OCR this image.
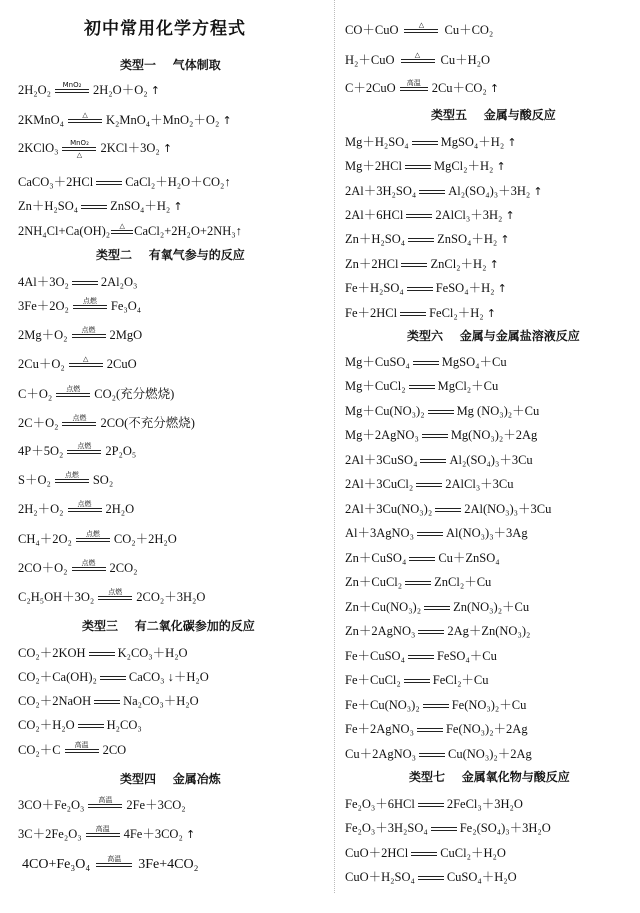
初中常用化学方程式
类型一    气体制取
2H₂O₂	MnO₂ 2H₂O＋O₂ ↑
2KMnO₄	△	K₂MnO₄＋MnO₂＋O₂ ↑
2KClO₃	MnO₂
△
2KCl＋3O₂ ↑
CaCO₃＋2HCl	CaCl₂＋H₂O＋CO₂↑
Zn＋H₂SO₄	ZnSO₄＋H₂ ↑
2NH₄Cl+Ca(OH)₂	△ CaCl₂+2H₂O+2NH₃↑
类型二    有氧气参与的反应
4Al＋3O₂	2Al₂O₃
3Fe＋2O₂	点燃	Fe₃O₄
2Mg＋O₂	点燃	2MgO
2Cu＋O₂	△	2CuO
C＋O₂	点燃	CO₂(充分燃烧)
2C＋O₂	点燃	2CO(不充分燃烧)
4P＋5O₂	点燃	2P₂O₅
S＋O₂	点燃	SO₂
2H₂＋O₂	点燃	2H₂O
CH₄＋2O₂	点燃	CO₂＋2H₂O
2CO＋O₂	点燃	2CO₂
C₂H₅OH＋3O₂	点燃	2CO₂＋3H₂O
类型三    有二氧化碳参加的反应
CO₂＋2KOH	K₂CO₃＋H₂O
CO₂＋Ca(OH)₂	CaCO₃ ↓＋H₂O
CO₂＋2NaOH	Na₂CO₃＋H₂O
CO₂＋H₂O	H₂CO₃
CO₂＋C	高温	2CO
类型四    金属冶炼
3CO＋Fe₂O₃	高温	2Fe＋3CO₂
3C＋2Fe₂O₃	高温	4Fe＋3CO₂ ↑
4CO+Fe₃O₄	高温	3Fe+4CO₂
CO＋CuO	△	Cu＋CO₂
H₂＋CuO	△	Cu＋H₂O
C＋2CuO	高温 2Cu＋CO₂ ↑
类型五    金属与酸反应
Mg＋H₂SO₄	MgSO₄＋H₂ ↑
Mg＋2HCl	MgCl₂＋H₂ ↑
2Al＋3H₂SO₄	Al₂(SO₄)₃＋3H₂ ↑
2Al＋6HCl	2AlCl₃＋3H₂ ↑
Zn＋H₂SO₄	ZnSO₄＋H₂ ↑
Zn＋2HCl	ZnCl₂＋H₂ ↑
Fe＋H₂SO₄	FeSO₄＋H₂ ↑
Fe＋2HCl	FeCl₂＋H₂ ↑
类型六    金属与金属盐溶液反应
Mg＋CuSO₄	MgSO₄＋Cu
Mg＋CuCl₂	MgCl₂＋Cu
Mg＋Cu(NO₃)₂	Mg (NO₃)₂＋Cu
Mg＋2AgNO₃	Mg(NO₃)₂＋2Ag
2Al＋3CuSO₄	Al₂(SO₄)₃＋3Cu
2Al＋3CuCl₂	2AlCl₃＋3Cu
2Al＋3Cu(NO₃)₂	2Al(NO₃)₃＋3Cu
Al＋3AgNO₃	Al(NO₃)₃＋3Ag
Zn＋CuSO₄	Cu＋ZnSO₄
Zn＋CuCl₂	ZnCl₂＋Cu
Zn＋Cu(NO₃)₂	Zn(NO₃)₂＋Cu
Zn＋2AgNO₃	2Ag＋Zn(NO₃)₂
Fe＋CuSO₄	FeSO₄＋Cu
Fe＋CuCl₂	FeCl₂＋Cu
Fe＋Cu(NO₃)₂	Fe(NO₃)₂＋Cu
Fe＋2AgNO₃	Fe(NO₃)₂＋2Ag
Cu＋2AgNO₃	Cu(NO₃)₂＋2Ag
类型七    金属氧化物与酸反应
Fe₂O₃＋6HCl	2FeCl₃＋3H₂O
Fe₂O₃＋3H₂SO₄	Fe₂(SO₄)₃＋3H₂O
CuO＋2HCl	CuCl₂＋H₂O
CuO＋H₂SO₄	CuSO₄＋H₂O
